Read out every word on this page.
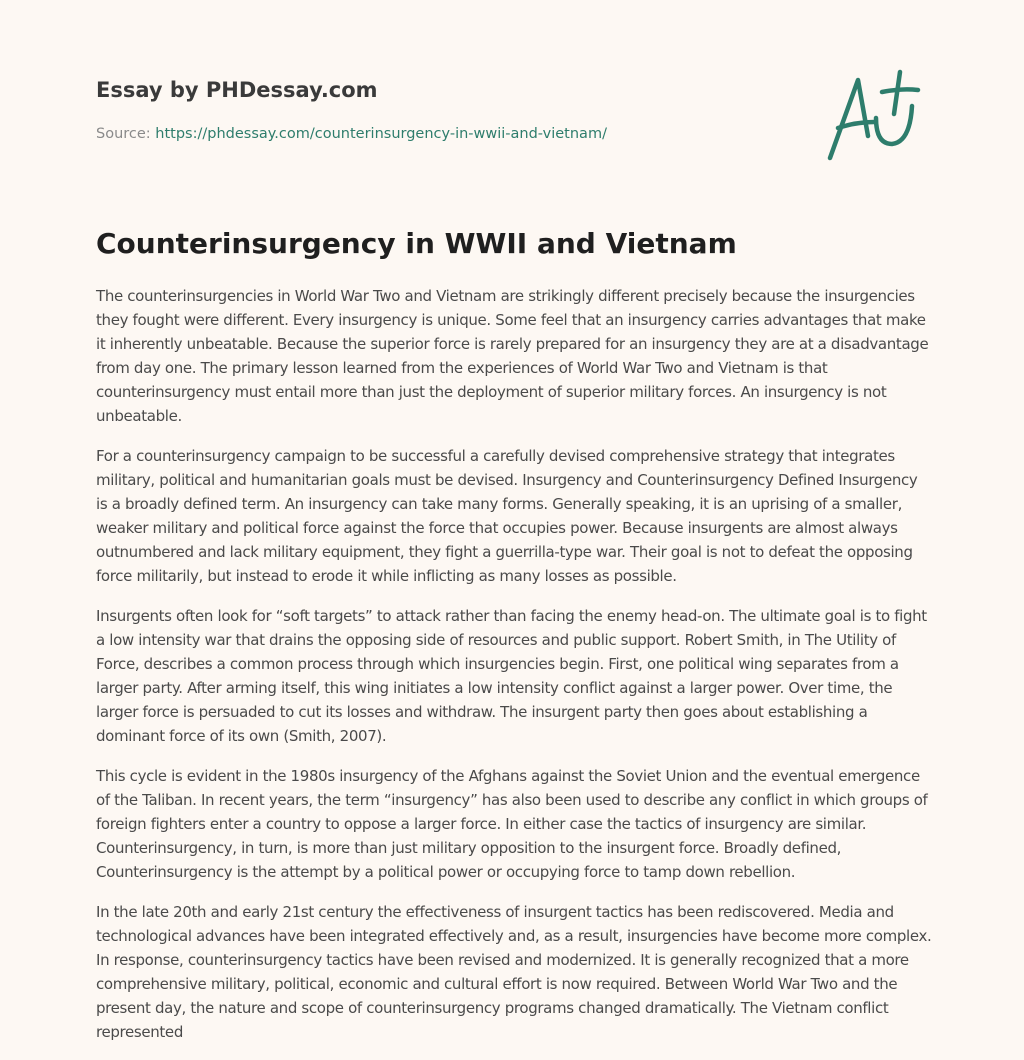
Essay by PHDessay.com
Source: https://phdessay.com/counterinsurgency-in-wwii-and-vietnam/
Counterinsurgency in WWII and Vietnam

The counterinsurgencies in World War Two and Vietnam are strikingly different precisely because the insurgencies they fought were different. Every insurgency is unique. Some feel that an insurgency carries advantages that make it inherently unbeatable. Because the superior force is rarely prepared for an insurgency they are at a disadvantage from day one. The primary lesson learned from the experiences of World War Two and Vietnam is that counterinsurgency must entail more than just the deployment of superior military forces. An insurgency is not unbeatable.

For a counterinsurgency campaign to be successful a carefully devised comprehensive strategy that integrates military, political and humanitarian goals must be devised. Insurgency and Counterinsurgency Defined Insurgency is a broadly defined term. An insurgency can take many forms. Generally speaking, it is an uprising of a smaller, weaker military and political force against the force that occupies power. Because insurgents are almost always outnumbered and lack military equipment, they fight a guerrilla-type war. Their goal is not to defeat the opposing force militarily, but instead to erode it while inflicting as many losses as possible.

Insurgents often look for “soft targets” to attack rather than facing the enemy head-on. The ultimate goal is to fight a low intensity war that drains the opposing side of resources and public support. Robert Smith, in The Utility of Force, describes a common process through which insurgencies begin. First, one political wing separates from a larger party. After arming itself, this wing initiates a low intensity conflict against a larger power. Over time, the larger force is persuaded to cut its losses and withdraw. The insurgent party then goes about establishing a dominant force of its own (Smith, 2007).

This cycle is evident in the 1980s insurgency of the Afghans against the Soviet Union and the eventual emergence of the Taliban. In recent years, the term “insurgency” has also been used to describe any conflict in which groups of foreign fighters enter a country to oppose a larger force. In either case the tactics of insurgency are similar. Counterinsurgency, in turn, is more than just military opposition to the insurgent force. Broadly defined, Counterinsurgency is the attempt by a political power or occupying force to tamp down rebellion.

In the late 20th and early 21st century the effectiveness of insurgent tactics has been rediscovered. Media and technological advances have been integrated effectively and, as a result, insurgencies have become more complex. In response, counterinsurgency tactics have been revised and modernized. It is generally recognized that a more comprehensive military, political, economic and cultural effort is now required. Between World War Two and the present day, the nature and scope of counterinsurgency programs changed dramatically. The Vietnam conflict represented
